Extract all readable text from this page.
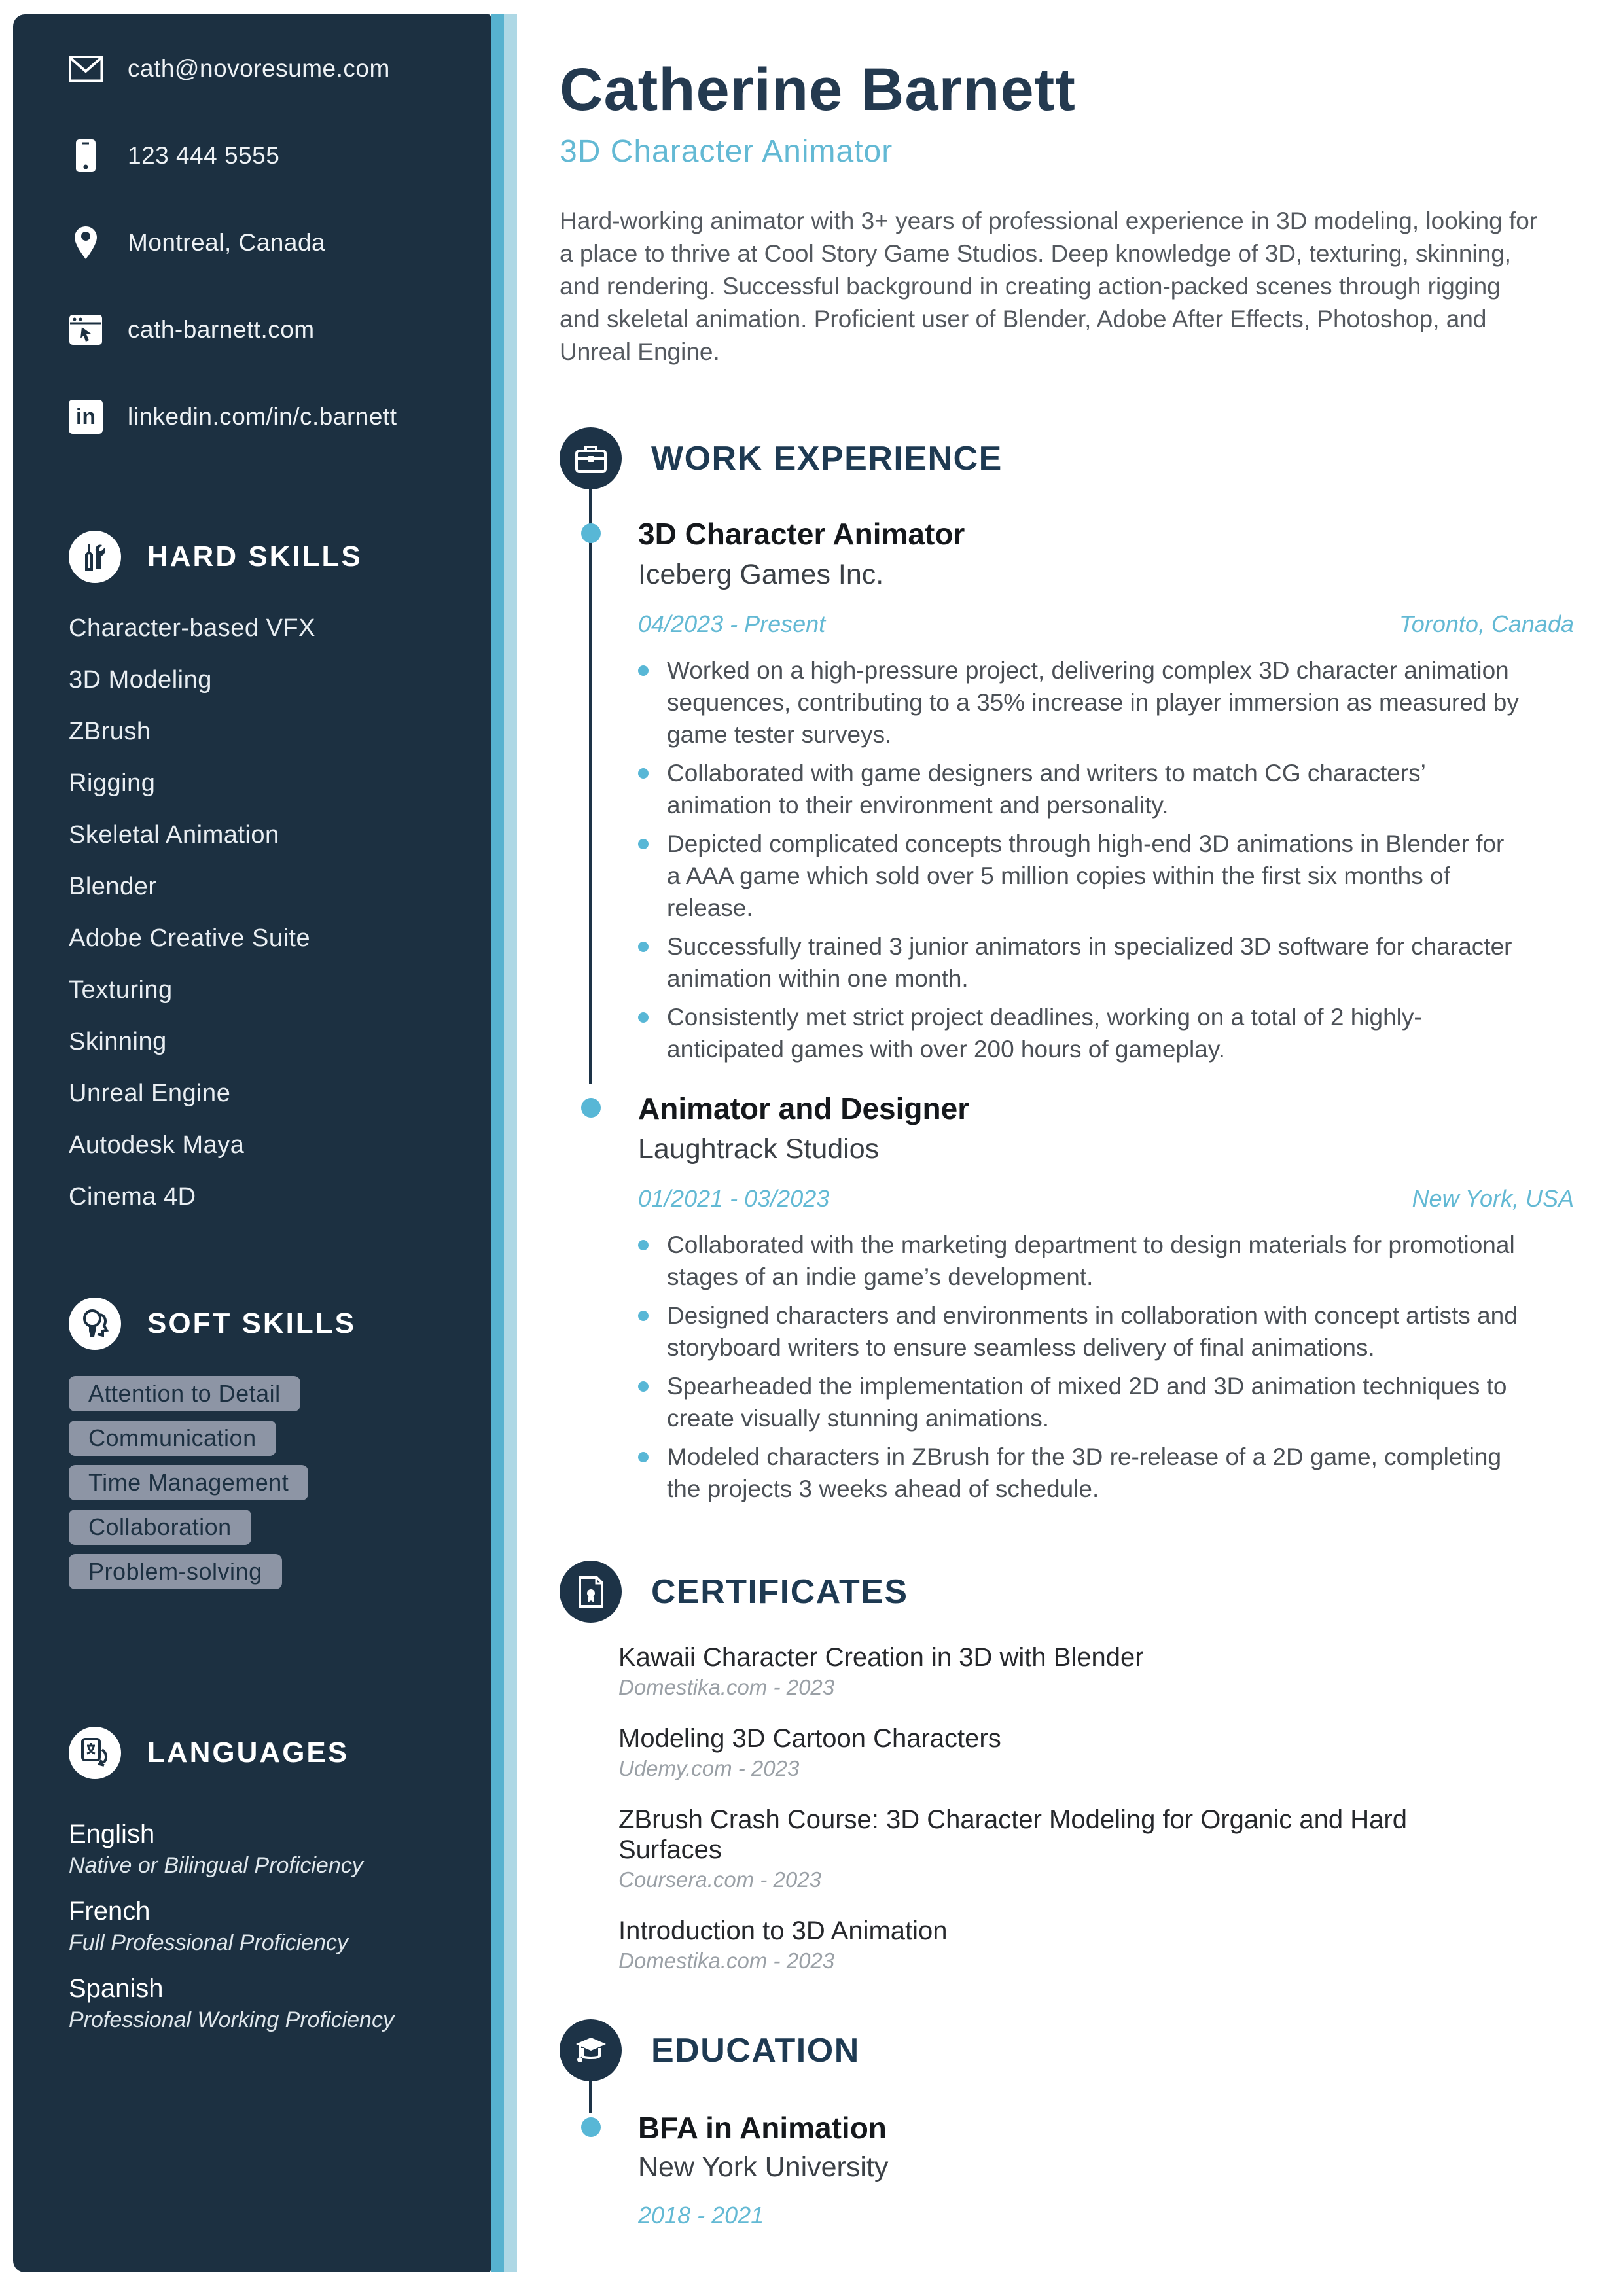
cath@novoresume.com
123 444 5555
Montreal, Canada
cath-barnett.com
in linkedin.com/in/c.barnett
HARD SKILLS
Character-based VFX
3D Modeling
ZBrush
Rigging
Skeletal Animation
Blender
Adobe Creative Suite
Texturing
Skinning
Unreal Engine
Autodesk Maya
Cinema 4D
SOFT SKILLS
Attention to Detail
Communication
Time Management
Collaboration
Problem-solving
LANGUAGES
English
Native or Bilingual Proficiency
French
Full Professional Proficiency
Spanish
Professional Working Proficiency
Catherine Barnett
3D Character Animator

Hard-working animator with 3+ years of professional experience in 3D modeling, looking for a place to thrive at Cool Story Game Studios. Deep knowledge of 3D, texturing, skinning, and rendering. Successful background in creating action-packed scenes through rigging and skeletal animation. Proficient user of Blender, Adobe After Effects, Photoshop, and Unreal Engine.

WORK EXPERIENCE
3D Character Animator
Iceberg Games Inc.
04/2023 - Present	Toronto, Canada
Worked on a high-pressure project, delivering complex 3D character animation sequences, contributing to a 35% increase in player immersion as measured by game tester surveys.
Collaborated with game designers and writers to match CG characters’ animation to their environment and personality.
Depicted complicated concepts through high-end 3D animations in Blender for a AAA game which sold over 5 million copies within the first six months of release.
Successfully trained 3 junior animators in specialized 3D software for character animation within one month.
Consistently met strict project deadlines, working on a total of 2 highly-anticipated games with over 200 hours of gameplay.
Animator and Designer
Laughtrack Studios
01/2021 - 03/2023	New York, USA
Collaborated with the marketing department to design materials for promotional stages of an indie game’s development.
Designed characters and environments in collaboration with concept artists and storyboard writers to ensure seamless delivery of final animations.
Spearheaded the implementation of mixed 2D and 3D animation techniques to create visually stunning animations.
Modeled characters in ZBrush for the 3D re-release of a 2D game, completing the projects 3 weeks ahead of schedule.
CERTIFICATES
Kawaii Character Creation in 3D with Blender
Domestika.com - 2023
Modeling 3D Cartoon Characters
Udemy.com - 2023
ZBrush Crash Course: 3D Character Modeling for Organic and Hard Surfaces
Coursera.com - 2023
Introduction to 3D Animation
Domestika.com - 2023
EDUCATION
BFA in Animation
New York University
2018 - 2021
